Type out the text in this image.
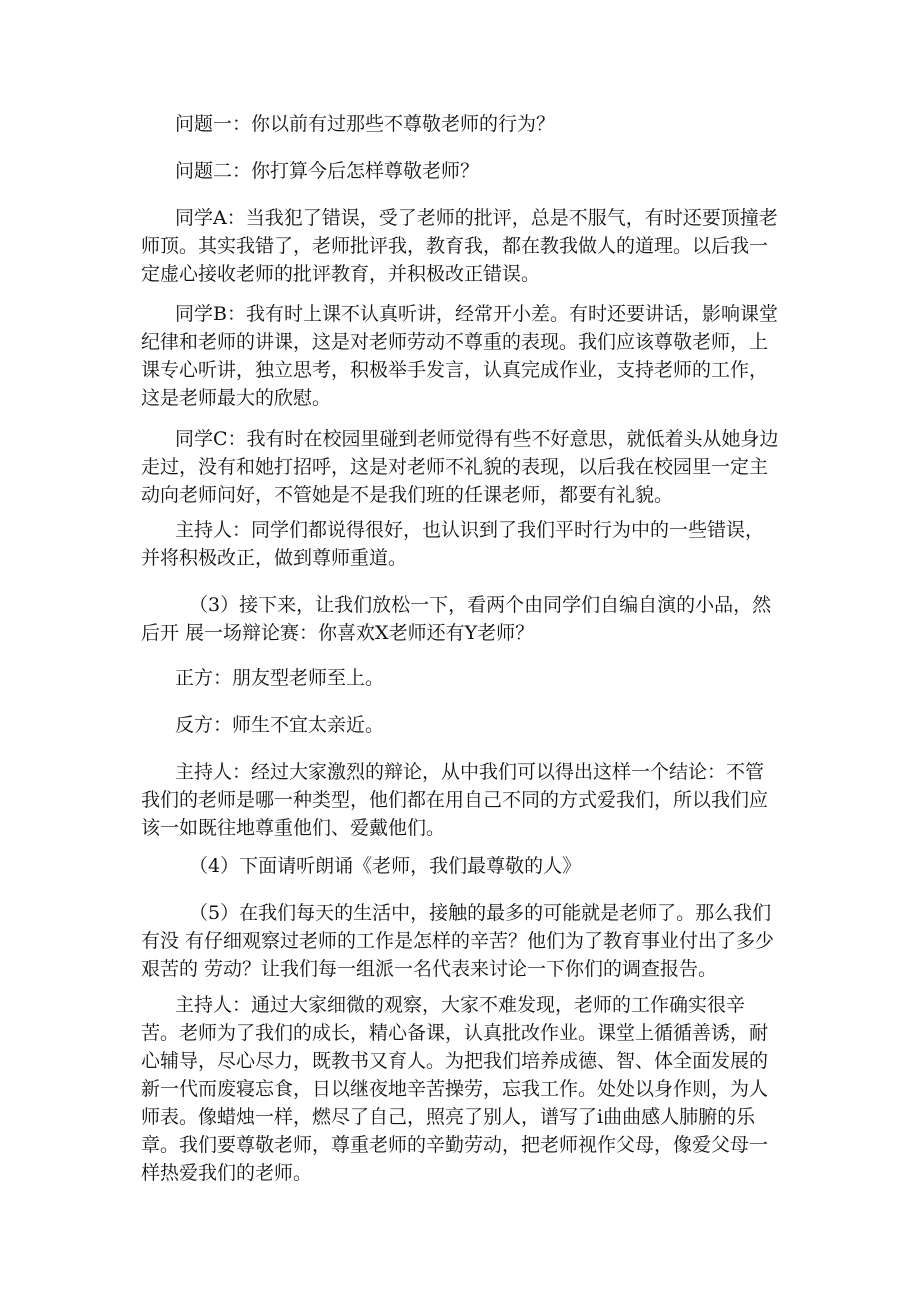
问题一：你以前有过那些不尊敬老师的行为？

问题二：你打算今后怎样尊敬老师？

同学A：当我犯了错误，受了老师的批评，总是不服气，有时还要顶撞老师顶。其实我错了，老师批评我，教育我，都在教我做人的道理。以后我一定虚心接收老师的批评教育，并积极改正错误。

同学B：我有时上课不认真听讲，经常开小差。有时还要讲话，影响课堂纪律和老师的讲课，这是对老师劳动不尊重的表现。我们应该尊敬老师，上课专心听讲，独立思考，积极举手发言，认真完成作业，支持老师的工作，这是老师最大的欣慰。

同学C：我有时在校园里碰到老师觉得有些不好意思，就低着头从她身边走过，没有和她打招呼，这是对老师不礼貌的表现，以后我在校园里一定主动向老师问好，不管她是不是我们班的任课老师，都要有礼貌。

主持人：同学们都说得很好，也认识到了我们平时行为中的一些错误，并将积极改正，做到尊师重道。

（3）接下来，让我们放松一下，看两个由同学们自编自演的小品，然后开 展一场辩论赛：你喜欢X老师还有Y老师？

正方：朋友型老师至上。

反方：师生不宜太亲近。

主持人：经过大家激烈的辩论，从中我们可以得出这样一个结论：不管我们的老师是哪一种类型，他们都在用自己不同的方式爱我们，所以我们应该一如既往地尊重他们、爱戴他们。

（4）下面请听朗诵《老师，我们最尊敬的人》

（5）在我们每天的生活中，接触的最多的可能就是老师了。那么我们有没 有仔细观察过老师的工作是怎样的辛苦？他们为了教育事业付出了多少艰苦的 劳动？让我们每一组派一名代表来讨论一下你们的调查报告。

主持人：通过大家细微的观察，大家不难发现，老师的工作确实很辛苦。老师为了我们的成长，精心备课，认真批改作业。课堂上循循善诱，耐心辅导，尽心尽力，既教书又育人。为把我们培养成德、智、体全面发展的新一代而废寝忘食，日以继夜地辛苦操劳，忘我工作。处处以身作则，为人师表。像蜡烛一样，燃尽了自己，照亮了别人，谱写了i曲曲感人肺腑的乐章。我们要尊敬老师，尊重老师的辛勤劳动，把老师视作父母，像爱父母一样热爱我们的老师。
